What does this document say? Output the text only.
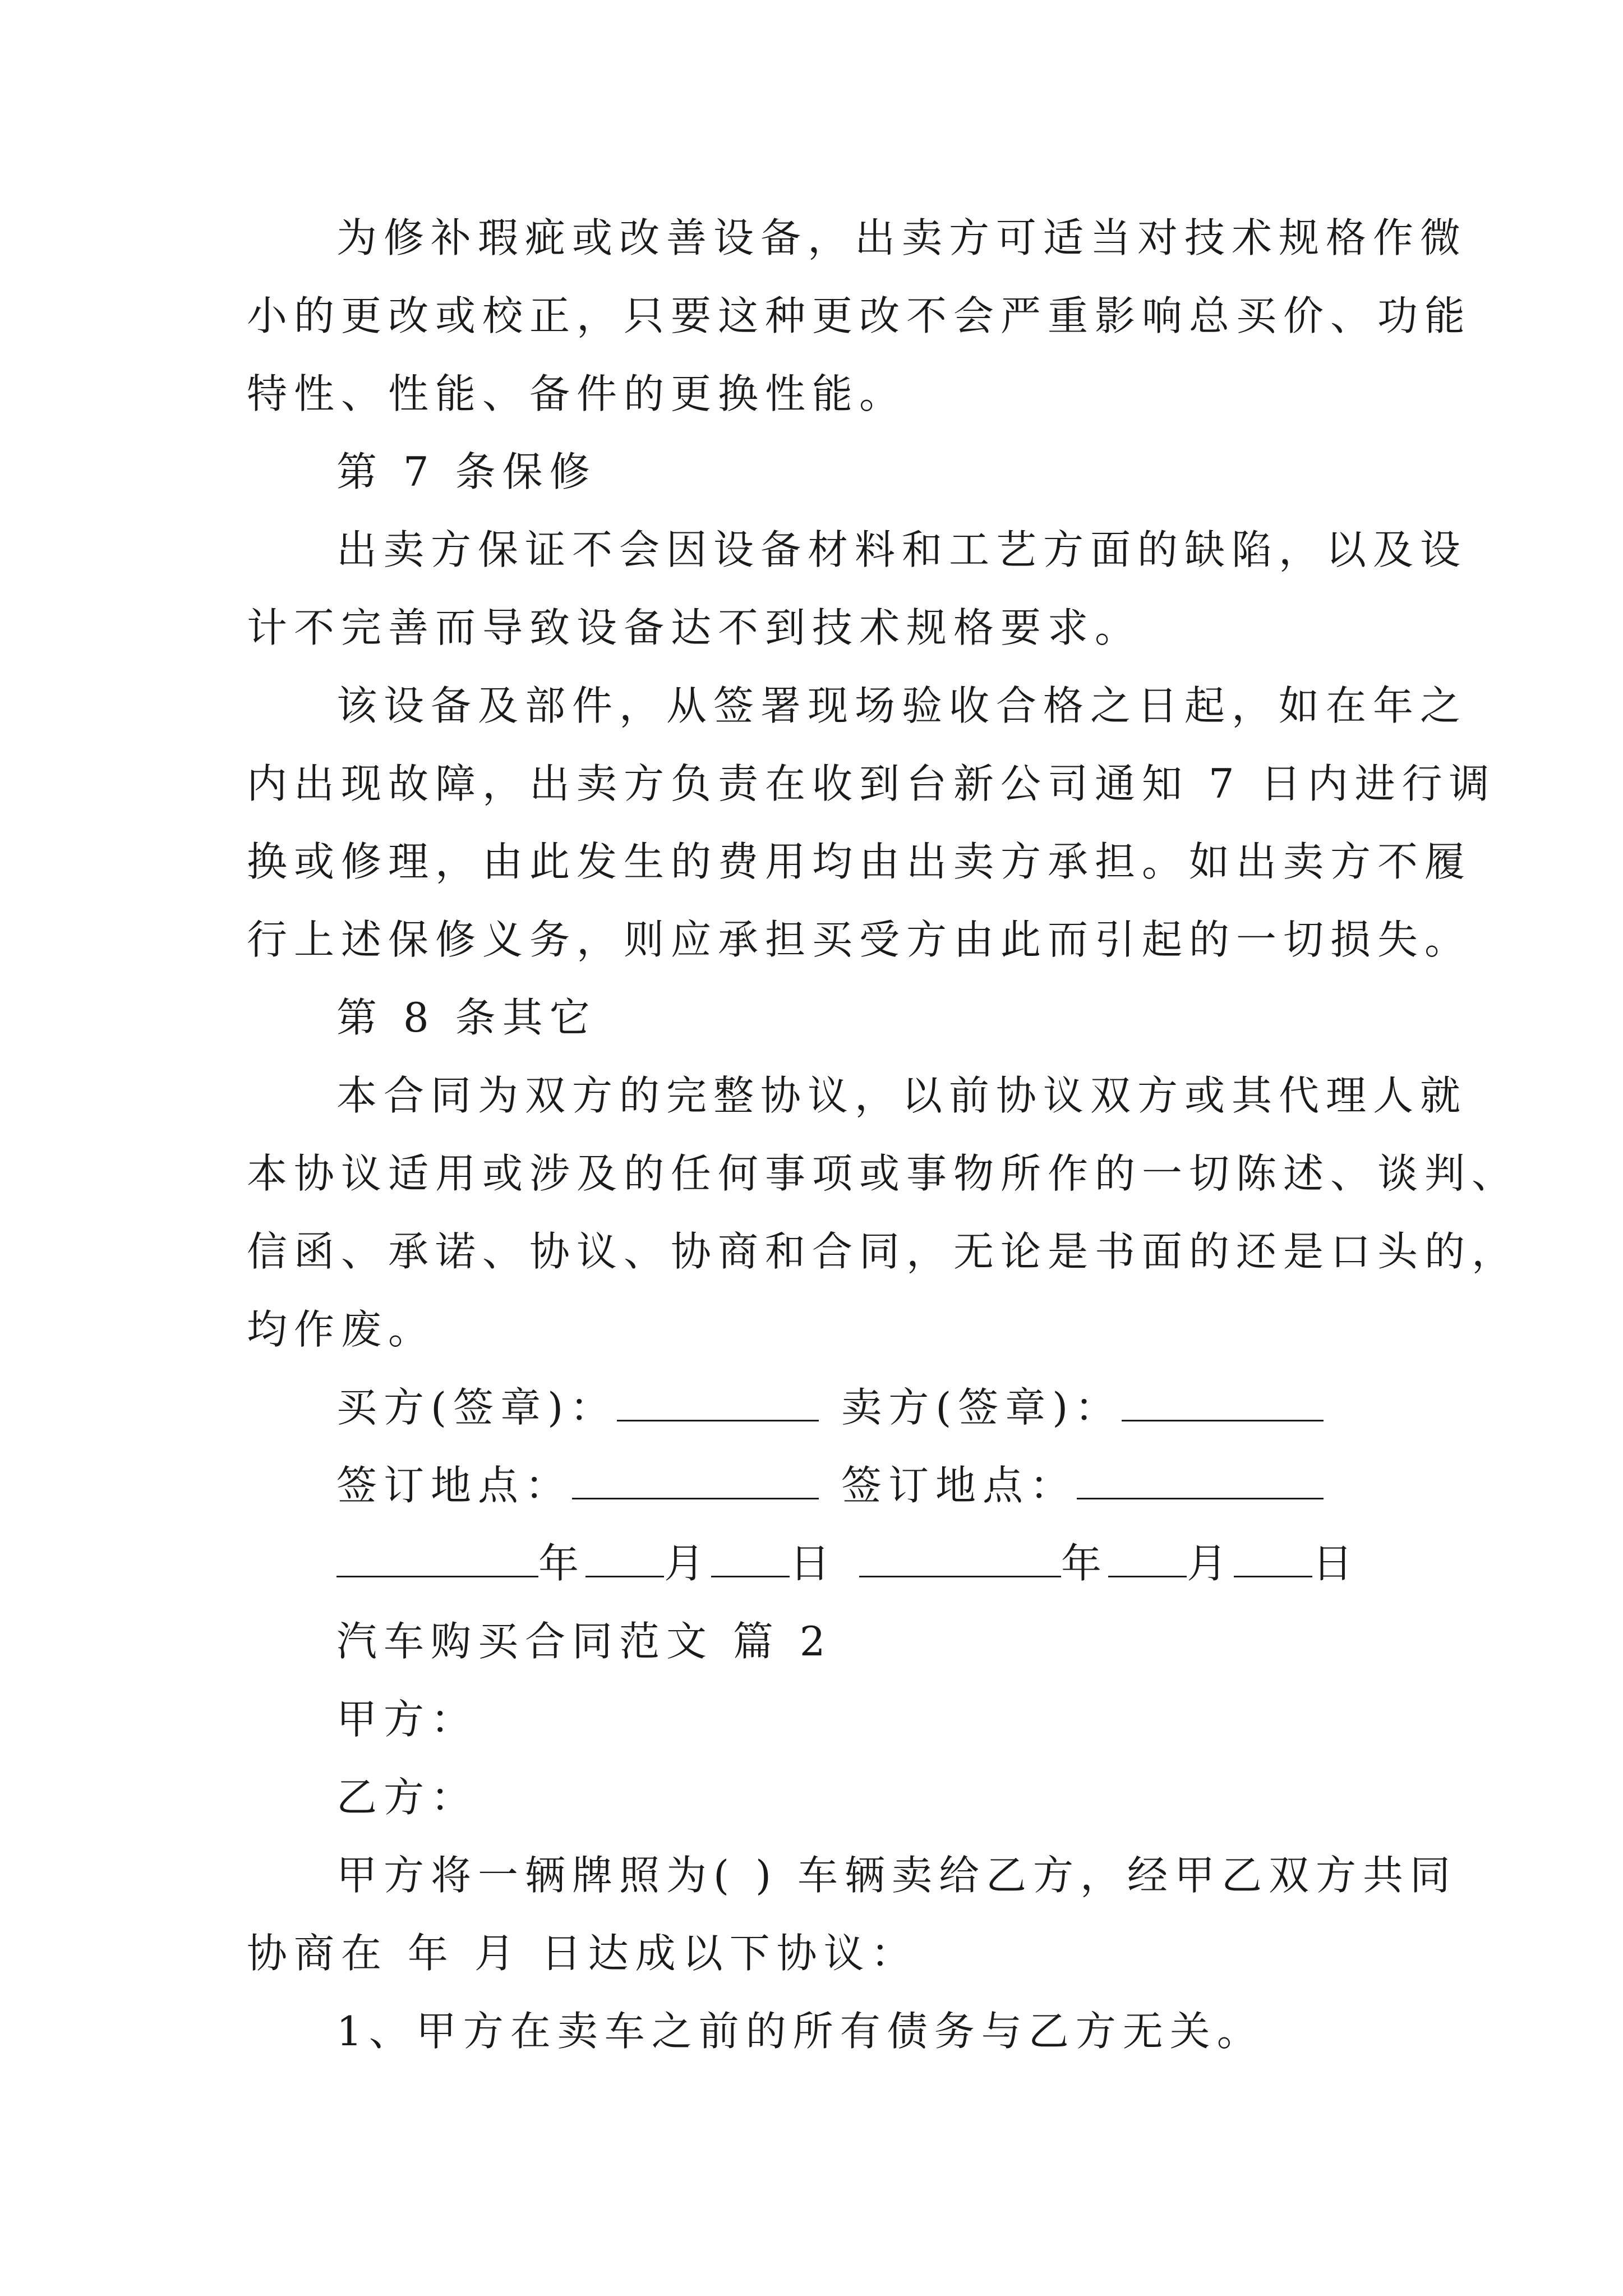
为修补瑕疵或改善设备，出卖方可适当对技术规格作微
小的更改或校正，只要这种更改不会严重影响总买价、功能
特性、性能、备件的更换性能。
第 7 条保修
出卖方保证不会因设备材料和工艺方面的缺陷，以及设
计不完善而导致设备达不到技术规格要求。
该设备及部件，从签署现场验收合格之日起，如在年之
内出现故障，出卖方负责在收到台新公司通知 7 日内进行调
换或修理，由此发生的费用均由出卖方承担。如出卖方不履
行上述保修义务，则应承担买受方由此而引起的一切损失。
第 8 条其它
本合同为双方的完整协议，以前协议双方或其代理人就
本协议适用或涉及的任何事项或事物所作的一切陈述、谈判、
信函、承诺、协议、协商和合同，无论是书面的还是口头的，
均作废。
买方(签章)：	卖方(签章)：
签订地点：	签订地点：
年 月 日	年 月 日
汽车购买合同范文 篇 2
甲方：
乙方：
甲方将一辆牌照为( ) 车辆卖给乙方，经甲乙双方共同
协商在 年 月 日达成以下协议：
1、甲方在卖车之前的所有债务与乙方无关。
